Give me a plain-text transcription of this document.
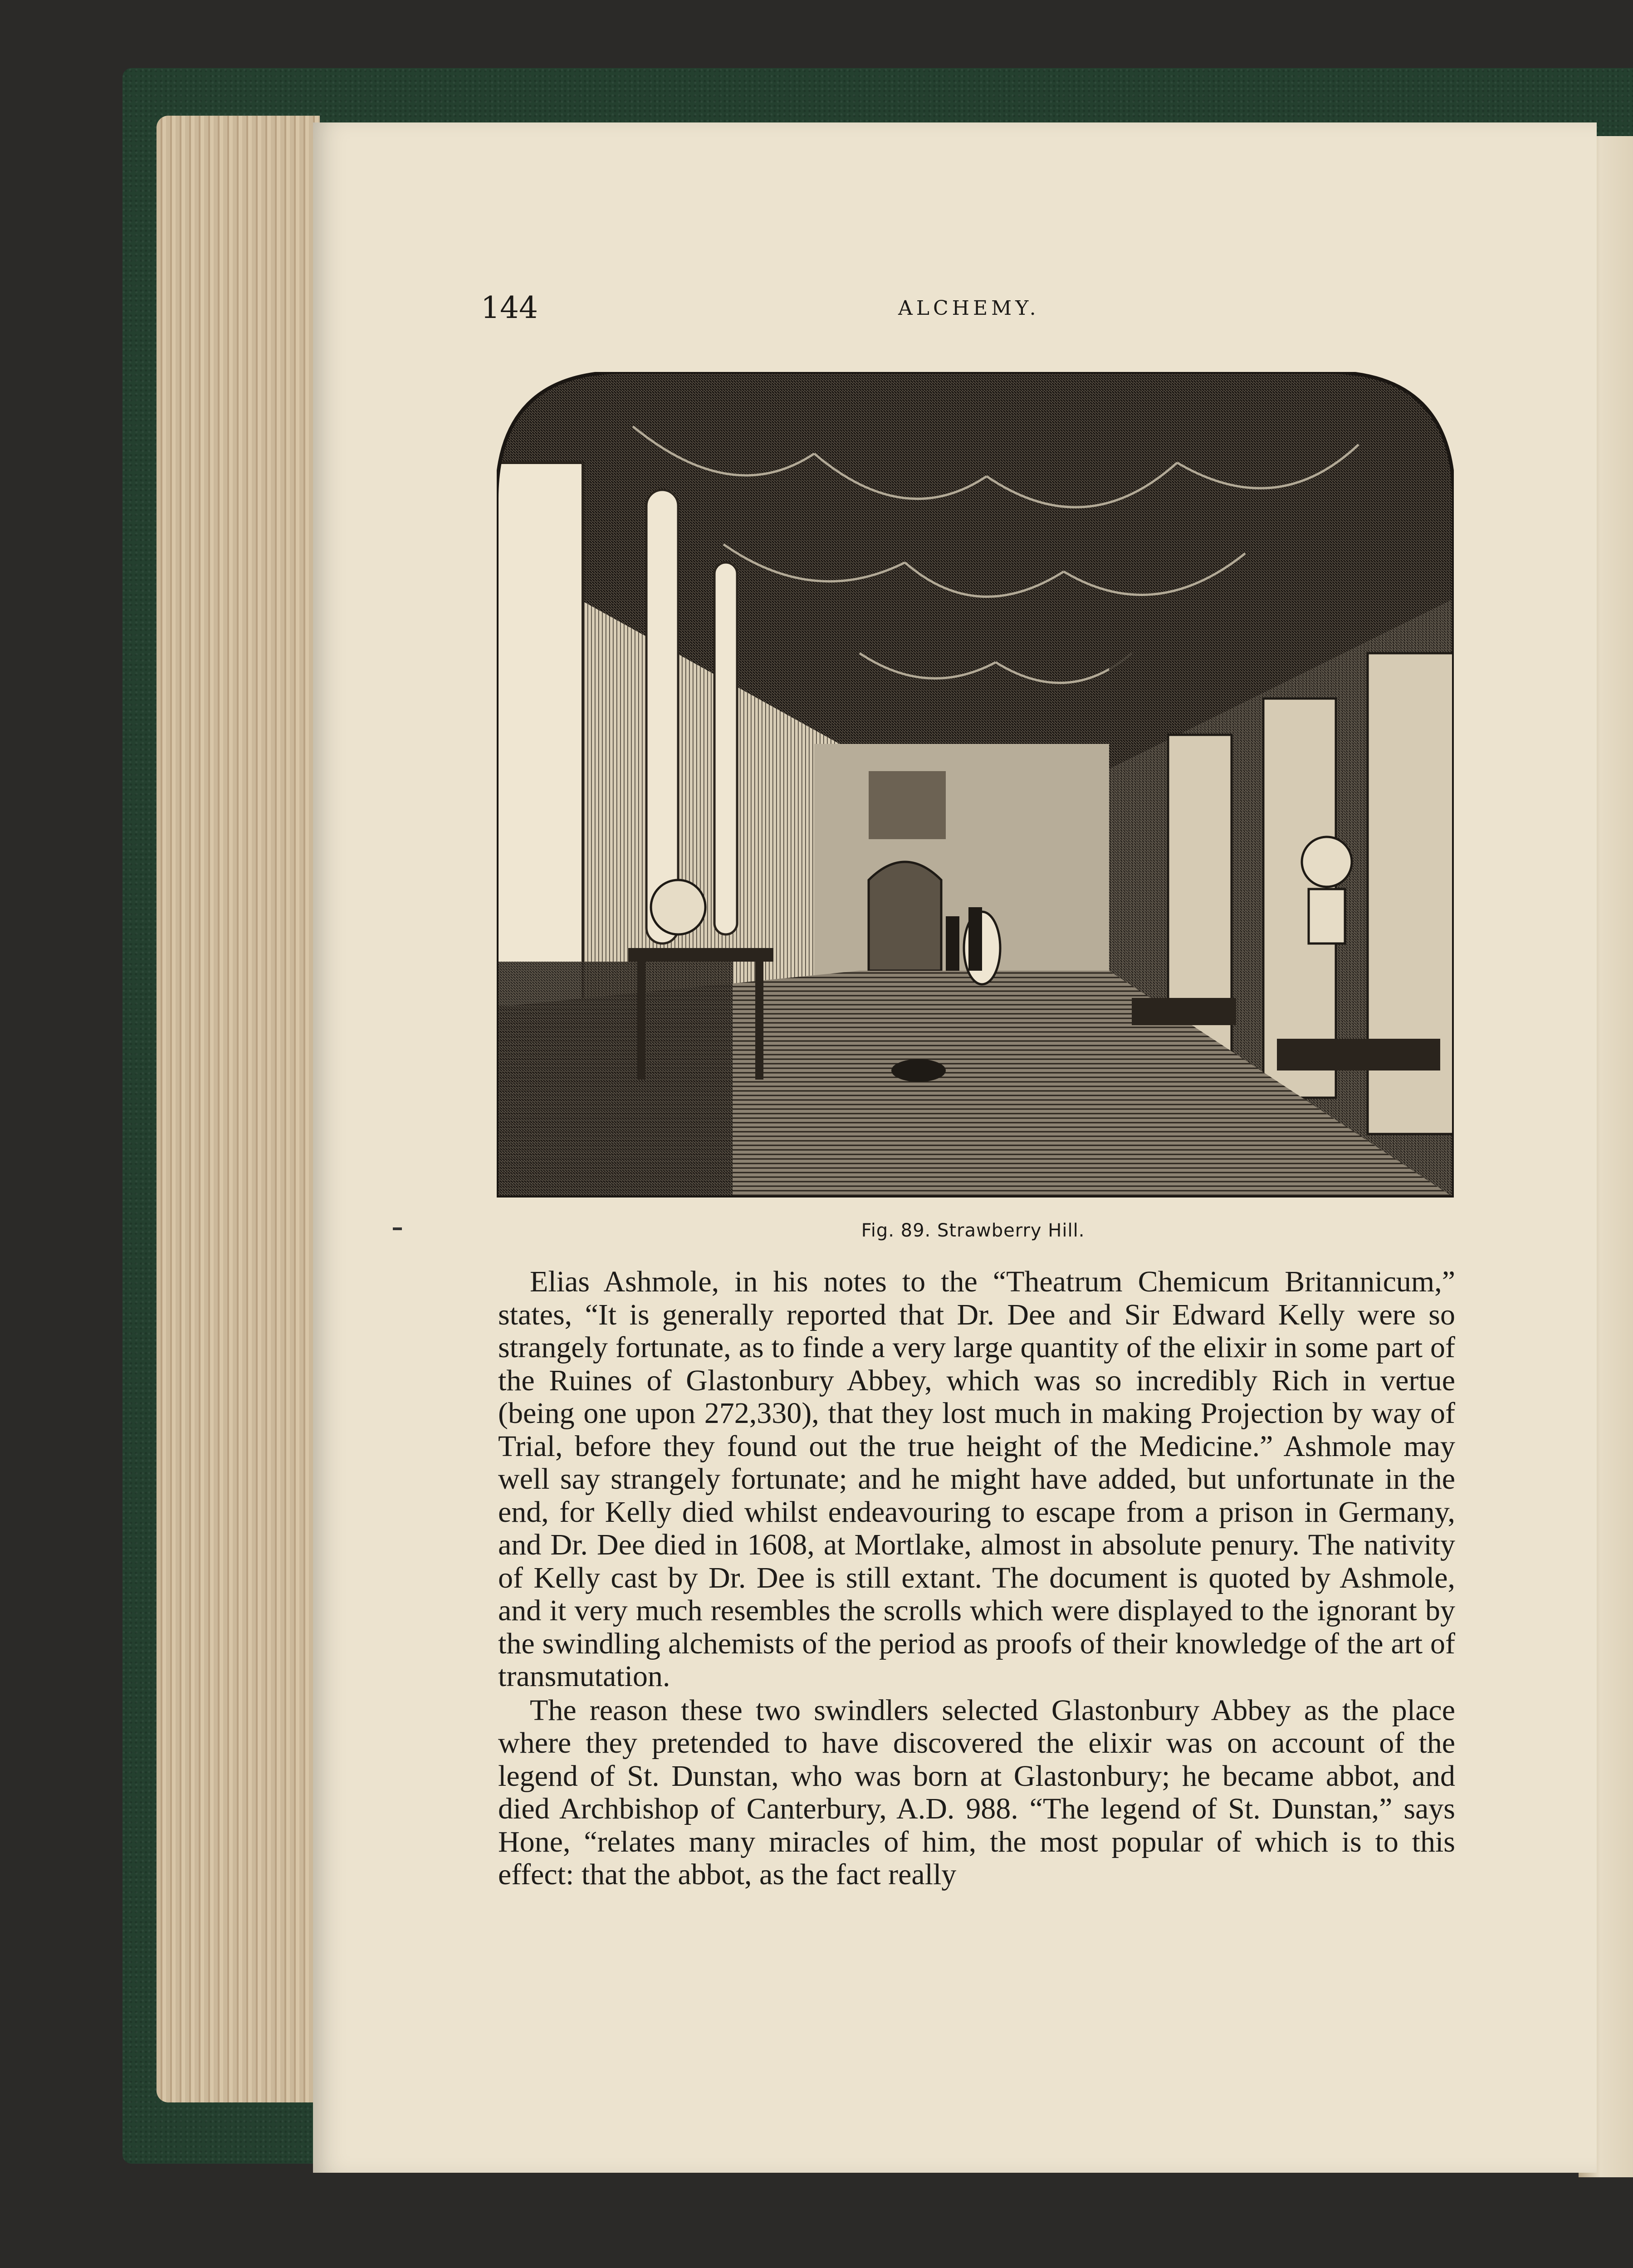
144	ALCHEMY.
Fig. 89. Strawberry Hill.

Elias Ashmole, in his notes to the “Theatrum Chemicum Britannicum,” states, “It is generally reported that Dr. Dee and Sir Edward Kelly were so strangely fortunate, as to finde a very large quantity of the elixir in some part of the Ruines of Glastonbury Abbey, which was so incredibly Rich in vertue (being one upon 272,330), that they lost much in making Projection by way of Trial, before they found out the true height of the Medicine.” Ashmole may well say strangely fortunate; and he might have added, but unfortunate in the end, for Kelly died whilst endeavouring to escape from a prison in Germany, and Dr. Dee died in 1608, at Mortlake, almost in absolute penury. The nativity of Kelly cast by Dr. Dee is still extant. The document is quoted by Ashmole, and it very much resembles the scrolls which were displayed to the ignorant by the swindling alchemists of the period as proofs of their knowledge of the art of transmutation.

The reason these two swindlers selected Glastonbury Abbey as the place where they pretended to have discovered the elixir was on account of the legend of St. Dunstan, who was born at Glastonbury; he became abbot, and died Archbishop of Canterbury, A.D. 988. “The legend of St. Dunstan,” says Hone, “relates many miracles of him, the most popular of which is to this effect: that the abbot, as the fact really
